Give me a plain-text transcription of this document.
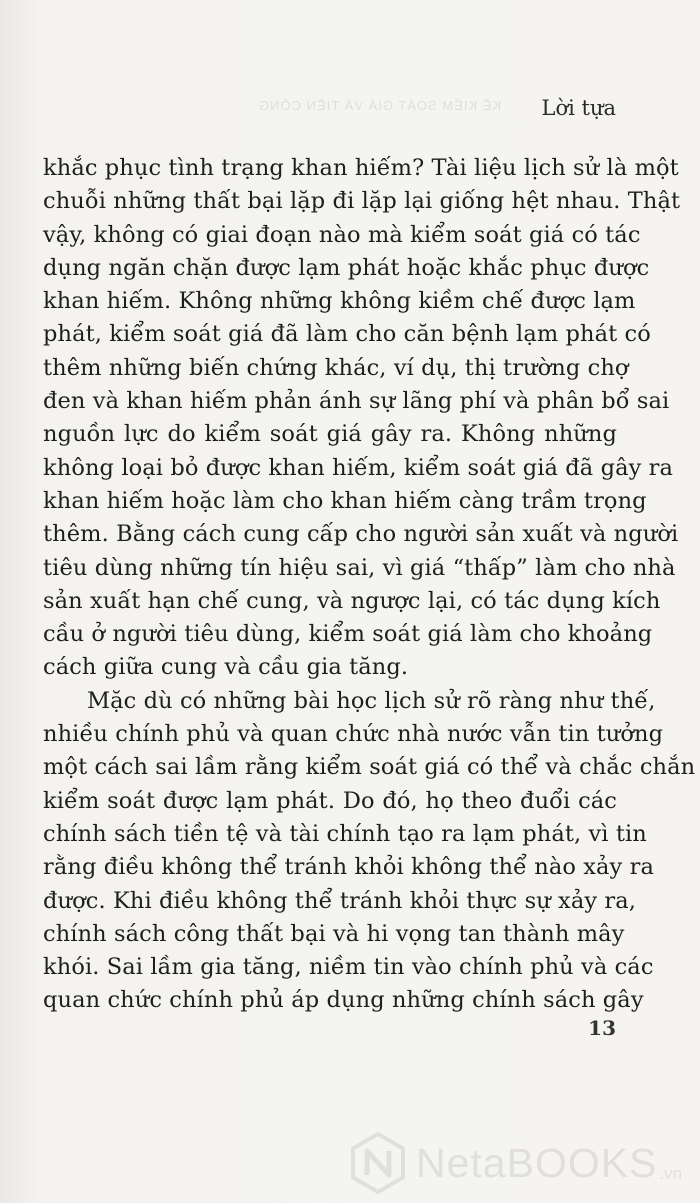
KỂ KIỂM SOÁT GIÁ VÀ TIỀN CÔNG Lời tựa
khắc phục tình trạng khan hiếm? Tài liệu lịch sử là một
chuỗi những thất bại lặp đi lặp lại giống hệt nhau. Thật
vậy, không có giai đoạn nào mà kiểm soát giá có tác
dụng ngăn chặn được lạm phát hoặc khắc phục được
khan hiếm. Không những không kiềm chế được lạm
phát, kiểm soát giá đã làm cho căn bệnh lạm phát có
thêm những biến chứng khác, ví dụ, thị trường chợ
đen và khan hiếm phản ánh sự lãng phí và phân bổ sai
nguồn lực do kiểm soát giá gây ra. Không những
không loại bỏ được khan hiếm, kiểm soát giá đã gây ra
khan hiếm hoặc làm cho khan hiếm càng trầm trọng
thêm. Bằng cách cung cấp cho người sản xuất và người
tiêu dùng những tín hiệu sai, vì giá “thấp” làm cho nhà
sản xuất hạn chế cung, và ngược lại, có tác dụng kích
cầu ở người tiêu dùng, kiểm soát giá làm cho khoảng
cách giữa cung và cầu gia tăng.
Mặc dù có những bài học lịch sử rõ ràng như thế,
nhiều chính phủ và quan chức nhà nước vẫn tin tưởng
một cách sai lầm rằng kiểm soát giá có thể và chắc chắn
kiểm soát được lạm phát. Do đó, họ theo đuổi các
chính sách tiền tệ và tài chính tạo ra lạm phát, vì tin
rằng điều không thể tránh khỏi không thể nào xảy ra
được. Khi điều không thể tránh khỏi thực sự xảy ra,
chính sách công thất bại và hi vọng tan thành mây
khói. Sai lầm gia tăng, niềm tin vào chính phủ và các
quan chức chính phủ áp dụng những chính sách gây
13
NetaBOOKS .vn
